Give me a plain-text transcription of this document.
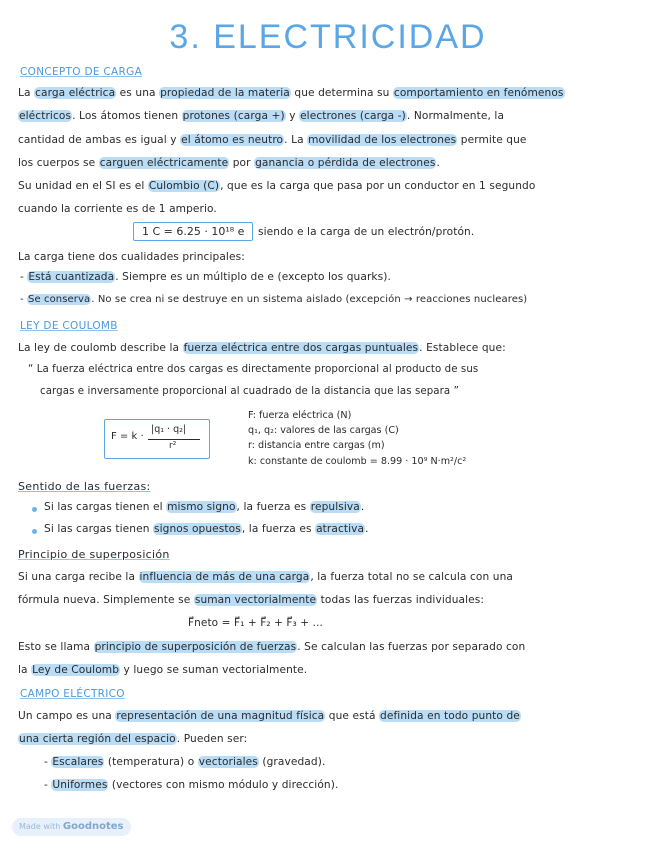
3. ELECTRICIDAD
CONCEPTO DE CARGA
La carga eléctrica es una propiedad de la materia que determina su comportamiento en fenómenos
eléctricos. Los átomos tienen protones (carga +) y electrones (carga -). Normalmente, la
cantidad de ambas es igual y el átomo es neutro. La movilidad de los electrones permite que
los cuerpos se carguen eléctricamente por ganancia o pérdida de electrones.
Su unidad en el SI es el Culombio (C), que es la carga que pasa por un conductor en 1 segundo
cuando la corriente es de 1 amperio.
1 C = 6.25 · 10¹⁸ e	siendo e la carga de un electrón/protón.
La carga tiene dos cualidades principales:
- Está cuantizada. Siempre es un múltiplo de e (excepto los quarks).
- Se conserva. No se crea ni se destruye en un sistema aislado (excepción → reacciones nucleares)
LEY DE COULOMB
La ley de coulomb describe la fuerza eléctrica entre dos cargas puntuales. Establece que:
“ La fuerza eléctrica entre dos cargas es directamente proporcional al producto de sus
cargas e inversamente proporcional al cuadrado de la distancia que las separa ”
F = k ·
|q₁ · q₂|
r²
F: fuerza eléctrica (N)
q₁, q₂: valores de las cargas (C)
r: distancia entre cargas (m)
k: constante de coulomb = 8.99 · 10⁹ N·m²/c²
Sentido de las fuerzas:
Si las cargas tienen el mismo signo, la fuerza es repulsiva.
Si las cargas tienen signos opuestos, la fuerza es atractiva.
Principio de superposición
Si una carga recibe la influencia de más de una carga, la fuerza total no se calcula con una
fórmula nueva. Simplemente se suman vectorialmente todas las fuerzas individuales:
F⃗neto = F⃗₁ + F⃗₂ + F⃗₃ + ...
Esto se llama principio de superposición de fuerzas. Se calculan las fuerzas por separado con
la Ley de Coulomb y luego se suman vectorialmente.
CAMPO ELÉCTRICO
Un campo es una representación de una magnitud física que está definida en todo punto de
una cierta región del espacio. Pueden ser:
- Escalares (temperatura) o vectoriales (gravedad).
- Uniformes (vectores con mismo módulo y dirección).
Made with Goodnotes
